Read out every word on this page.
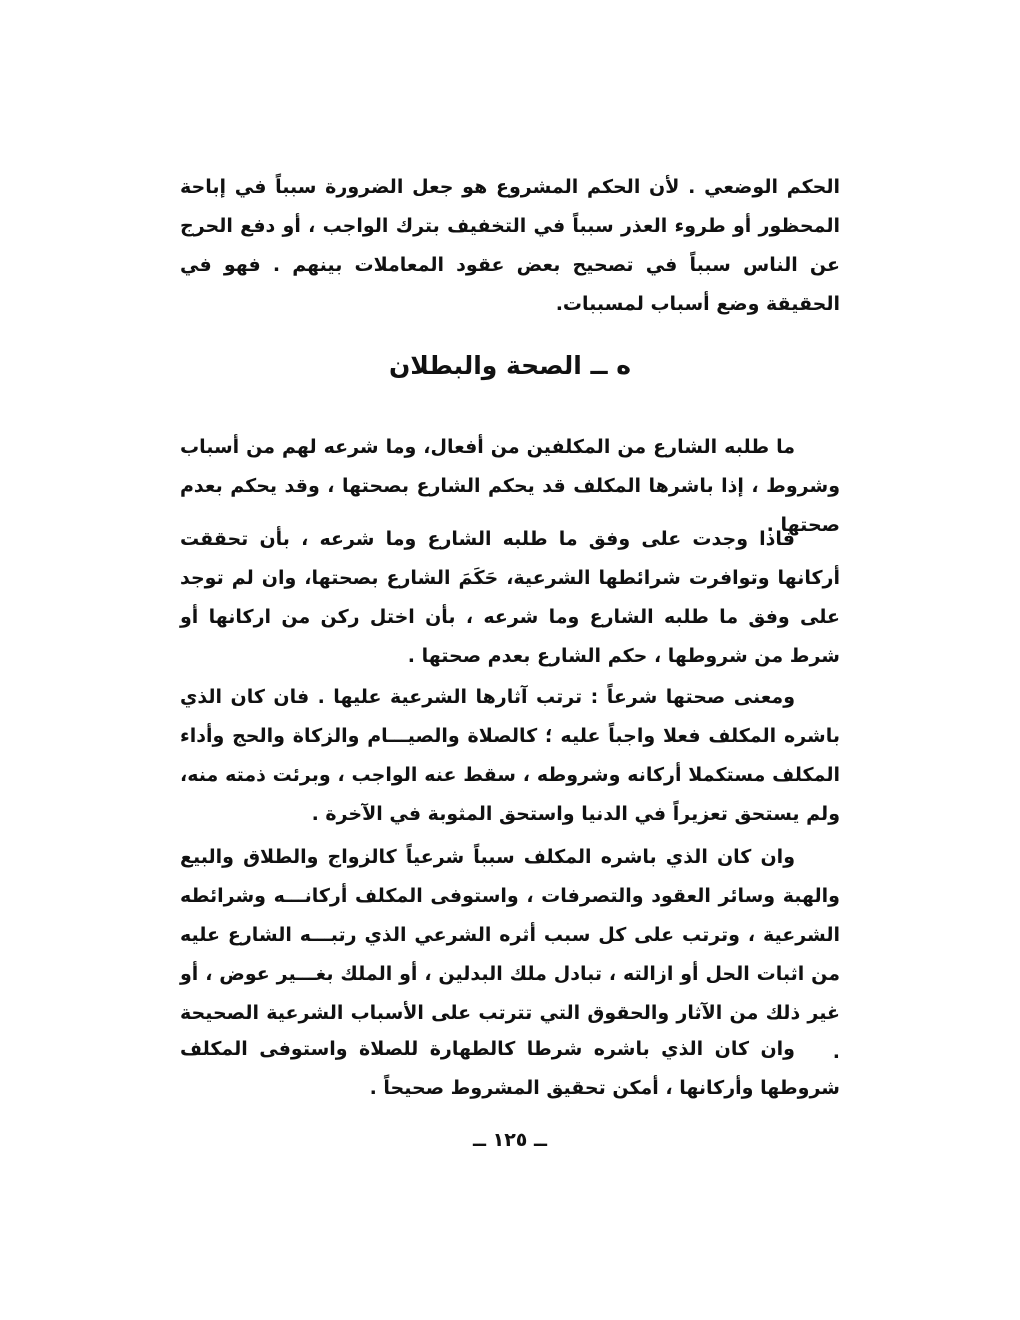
الحكم الوضعي . لأن الحكم المشروع هو جعل الضرورة سبباً في إباحة المحظور أو طروء العذر سبباً في التخفيف بترك الواجب ، أو دفع الحرج عن الناس سبباً في تصحيح بعض عقود المعاملات بينهم . فهو في الحقيقة وضع أسباب لمسببات.
ه ــ الصحة والبطلان
ما طلبه الشارع من المكلفين من أفعال، وما شرعه لهم من أسباب وشروط ، إذا باشرها المكلف قد يحكم الشارع بصحتها ، وقد يحكم بعدم صحتها .
فاذا وجدت على وفق ما طلبه الشارع وما شرعه ، بأن تحققت أركانها وتوافرت شرائطها الشرعية، حَكَمَ الشارع بصحتها، وان لم توجد على وفق ما طلبه الشارع وما شرعه ، بأن اختل ركن من اركانها أو شرط من شروطها ، حكم الشارع بعدم صحتها .
ومعنى صحتها شرعاً : ترتب آثارها الشرعية عليها . فان كان الذي باشره المكلف فعلا واجباً عليه ؛ كالصلاة والصيـــام والزكاة والحج وأداء المكلف مستكملا أركانه وشروطه ، سقط عنه الواجب ، وبرئت ذمته منه، ولم يستحق تعزيراً في الدنيا واستحق المثوبة في الآخرة .
وان كان الذي باشره المكلف سبباً شرعياً كالزواج والطلاق والبيع والهبة وسائر العقود والتصرفات ، واستوفى المكلف أركانـــه وشرائطه الشرعية ، وترتب على كل سبب أثره الشرعي الذي رتبـــه الشارع عليه من اثبات الحل أو ازالته ، تبادل ملك البدلين ، أو الملك بغـــير عوض ، أو غير ذلك من الآثار والحقوق التي تترتب على الأسباب الشرعية الصحيحة .
وان كان الذي باشره شرطا كالطهارة للصلاة واستوفى المكلف شروطها وأركانها ، أمكن تحقيق المشروط صحيحاً .
ــ ١٢٥ ــ
